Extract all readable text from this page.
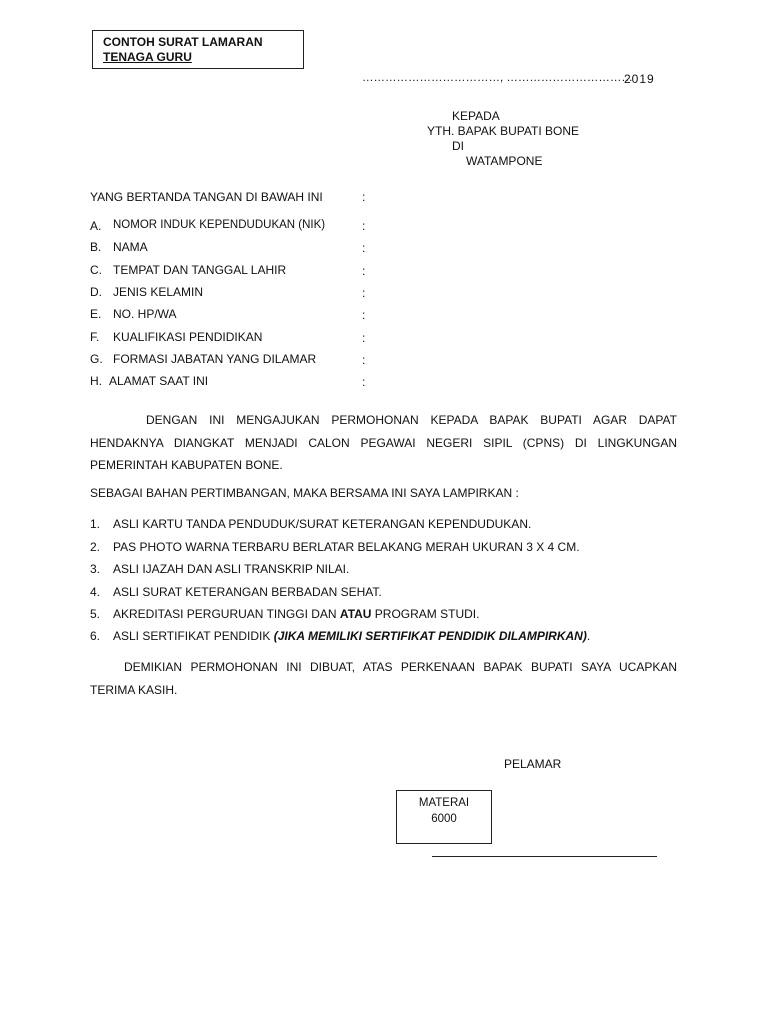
CONTOH SURAT LAMARAN
TENAGA GURU
………………………………, ……………………………
2019
KEPADA
YTH. BAPAK BUPATI BONE
DI
WATAMPONE
YANG BERTANDA TANGAN DI BAWAH INI	:
A. NOMOR INDUK KEPENDUDUKAN (NIK)	:
B. NAMA	:
C. TEMPAT DAN TANGGAL LAHIR	:
D. JENIS KELAMIN	:
E. NO. HP/WA	:
F. KUALIFIKASI PENDIDIKAN	:
G. FORMASI JABATAN YANG DILAMAR	:
H. ALAMAT SAAT INI	:
DENGAN INI MENGAJUKAN PERMOHONAN KEPADA BAPAK BUPATI AGAR DAPAT HENDAKNYA DIANGKAT MENJADI CALON PEGAWAI NEGERI SIPIL (CPNS) DI LINGKUNGAN PEMERINTAH KABUPATEN BONE.
SEBAGAI BAHAN PERTIMBANGAN, MAKA BERSAMA INI SAYA LAMPIRKAN :
1. ASLI KARTU TANDA PENDUDUK/SURAT KETERANGAN KEPENDUDUKAN.
2. PAS PHOTO WARNA TERBARU BERLATAR BELAKANG MERAH UKURAN 3 X 4 CM.
3. ASLI IJAZAH DAN ASLI TRANSKRIP NILAI.
4. ASLI SURAT KETERANGAN BERBADAN SEHAT.
5. AKREDITASI PERGURUAN TINGGI DAN ATAU PROGRAM STUDI.
6. ASLI SERTIFIKAT PENDIDIK (JIKA MEMILIKI SERTIFIKAT PENDIDIK DILAMPIRKAN).
DEMIKIAN PERMOHONAN INI DIBUAT, ATAS PERKENAAN BAPAK BUPATI SAYA UCAPKAN TERIMA KASIH.
PELAMAR
MATERAI
6000
